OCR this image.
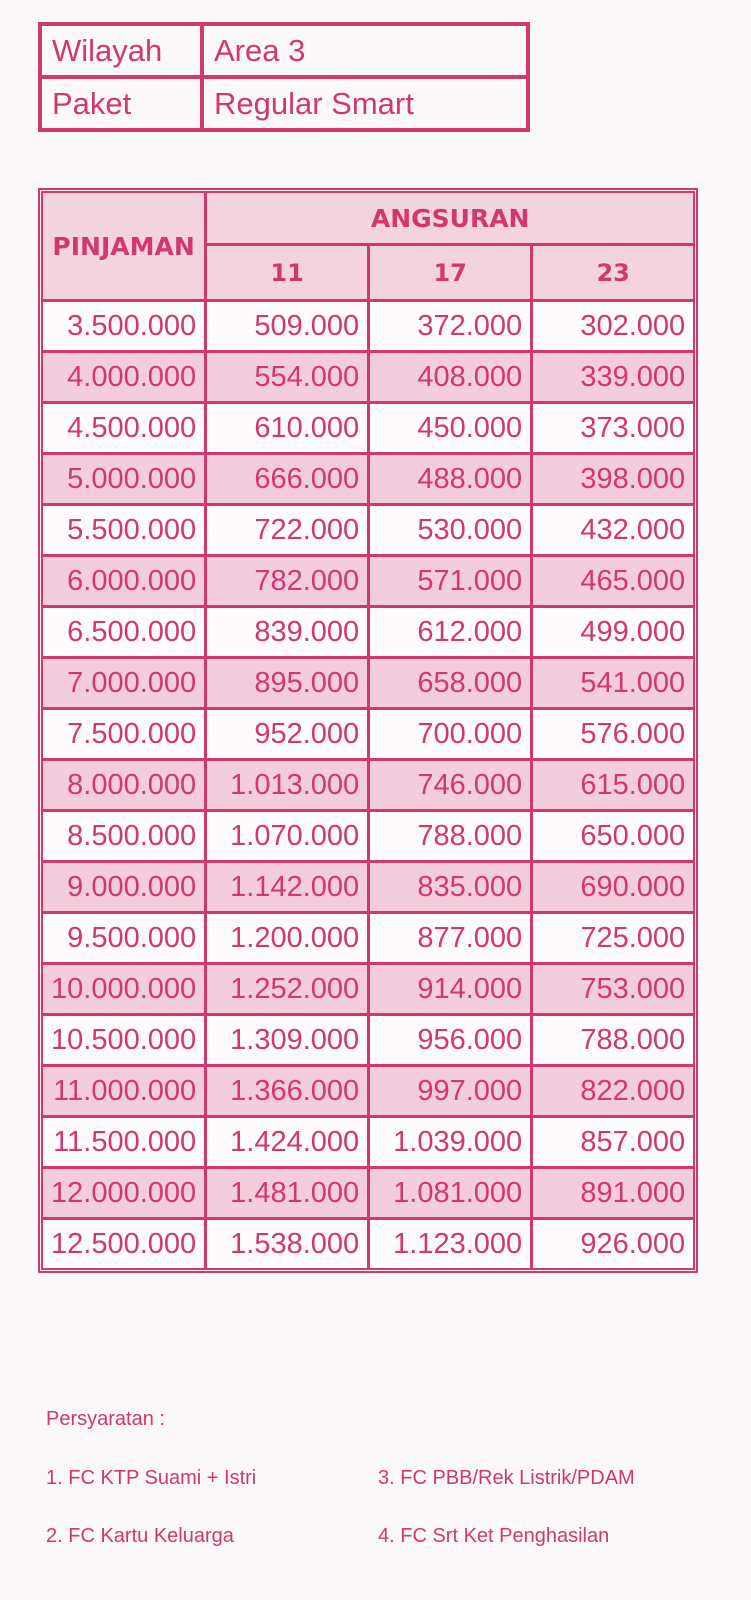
Wilayah	Area 3
Paket	Regular Smart
PINJAMAN	ANGSURAN		
	11	17	23
3.500.000	509.000	372.000	302.000
4.000.000	554.000	408.000	339.000
4.500.000	610.000	450.000	373.000
5.000.000	666.000	488.000	398.000
5.500.000	722.000	530.000	432.000
6.000.000	782.000	571.000	465.000
6.500.000	839.000	612.000	499.000
7.000.000	895.000	658.000	541.000
7.500.000	952.000	700.000	576.000
8.000.000	1.013.000	746.000	615.000
8.500.000	1.070.000	788.000	650.000
9.000.000	1.142.000	835.000	690.000
9.500.000	1.200.000	877.000	725.000
10.000.000	1.252.000	914.000	753.000
10.500.000	1.309.000	956.000	788.000
11.000.000	1.366.000	997.000	822.000
11.500.000	1.424.000	1.039.000	857.000
12.000.000	1.481.000	1.081.000	891.000
12.500.000	1.538.000	1.123.000	926.000
Persyaratan :
1. FC KTP Suami + Istri
2. FC Kartu Keluarga
3. FC PBB/Rek Listrik/PDAM
4. FC Srt Ket Penghasilan
